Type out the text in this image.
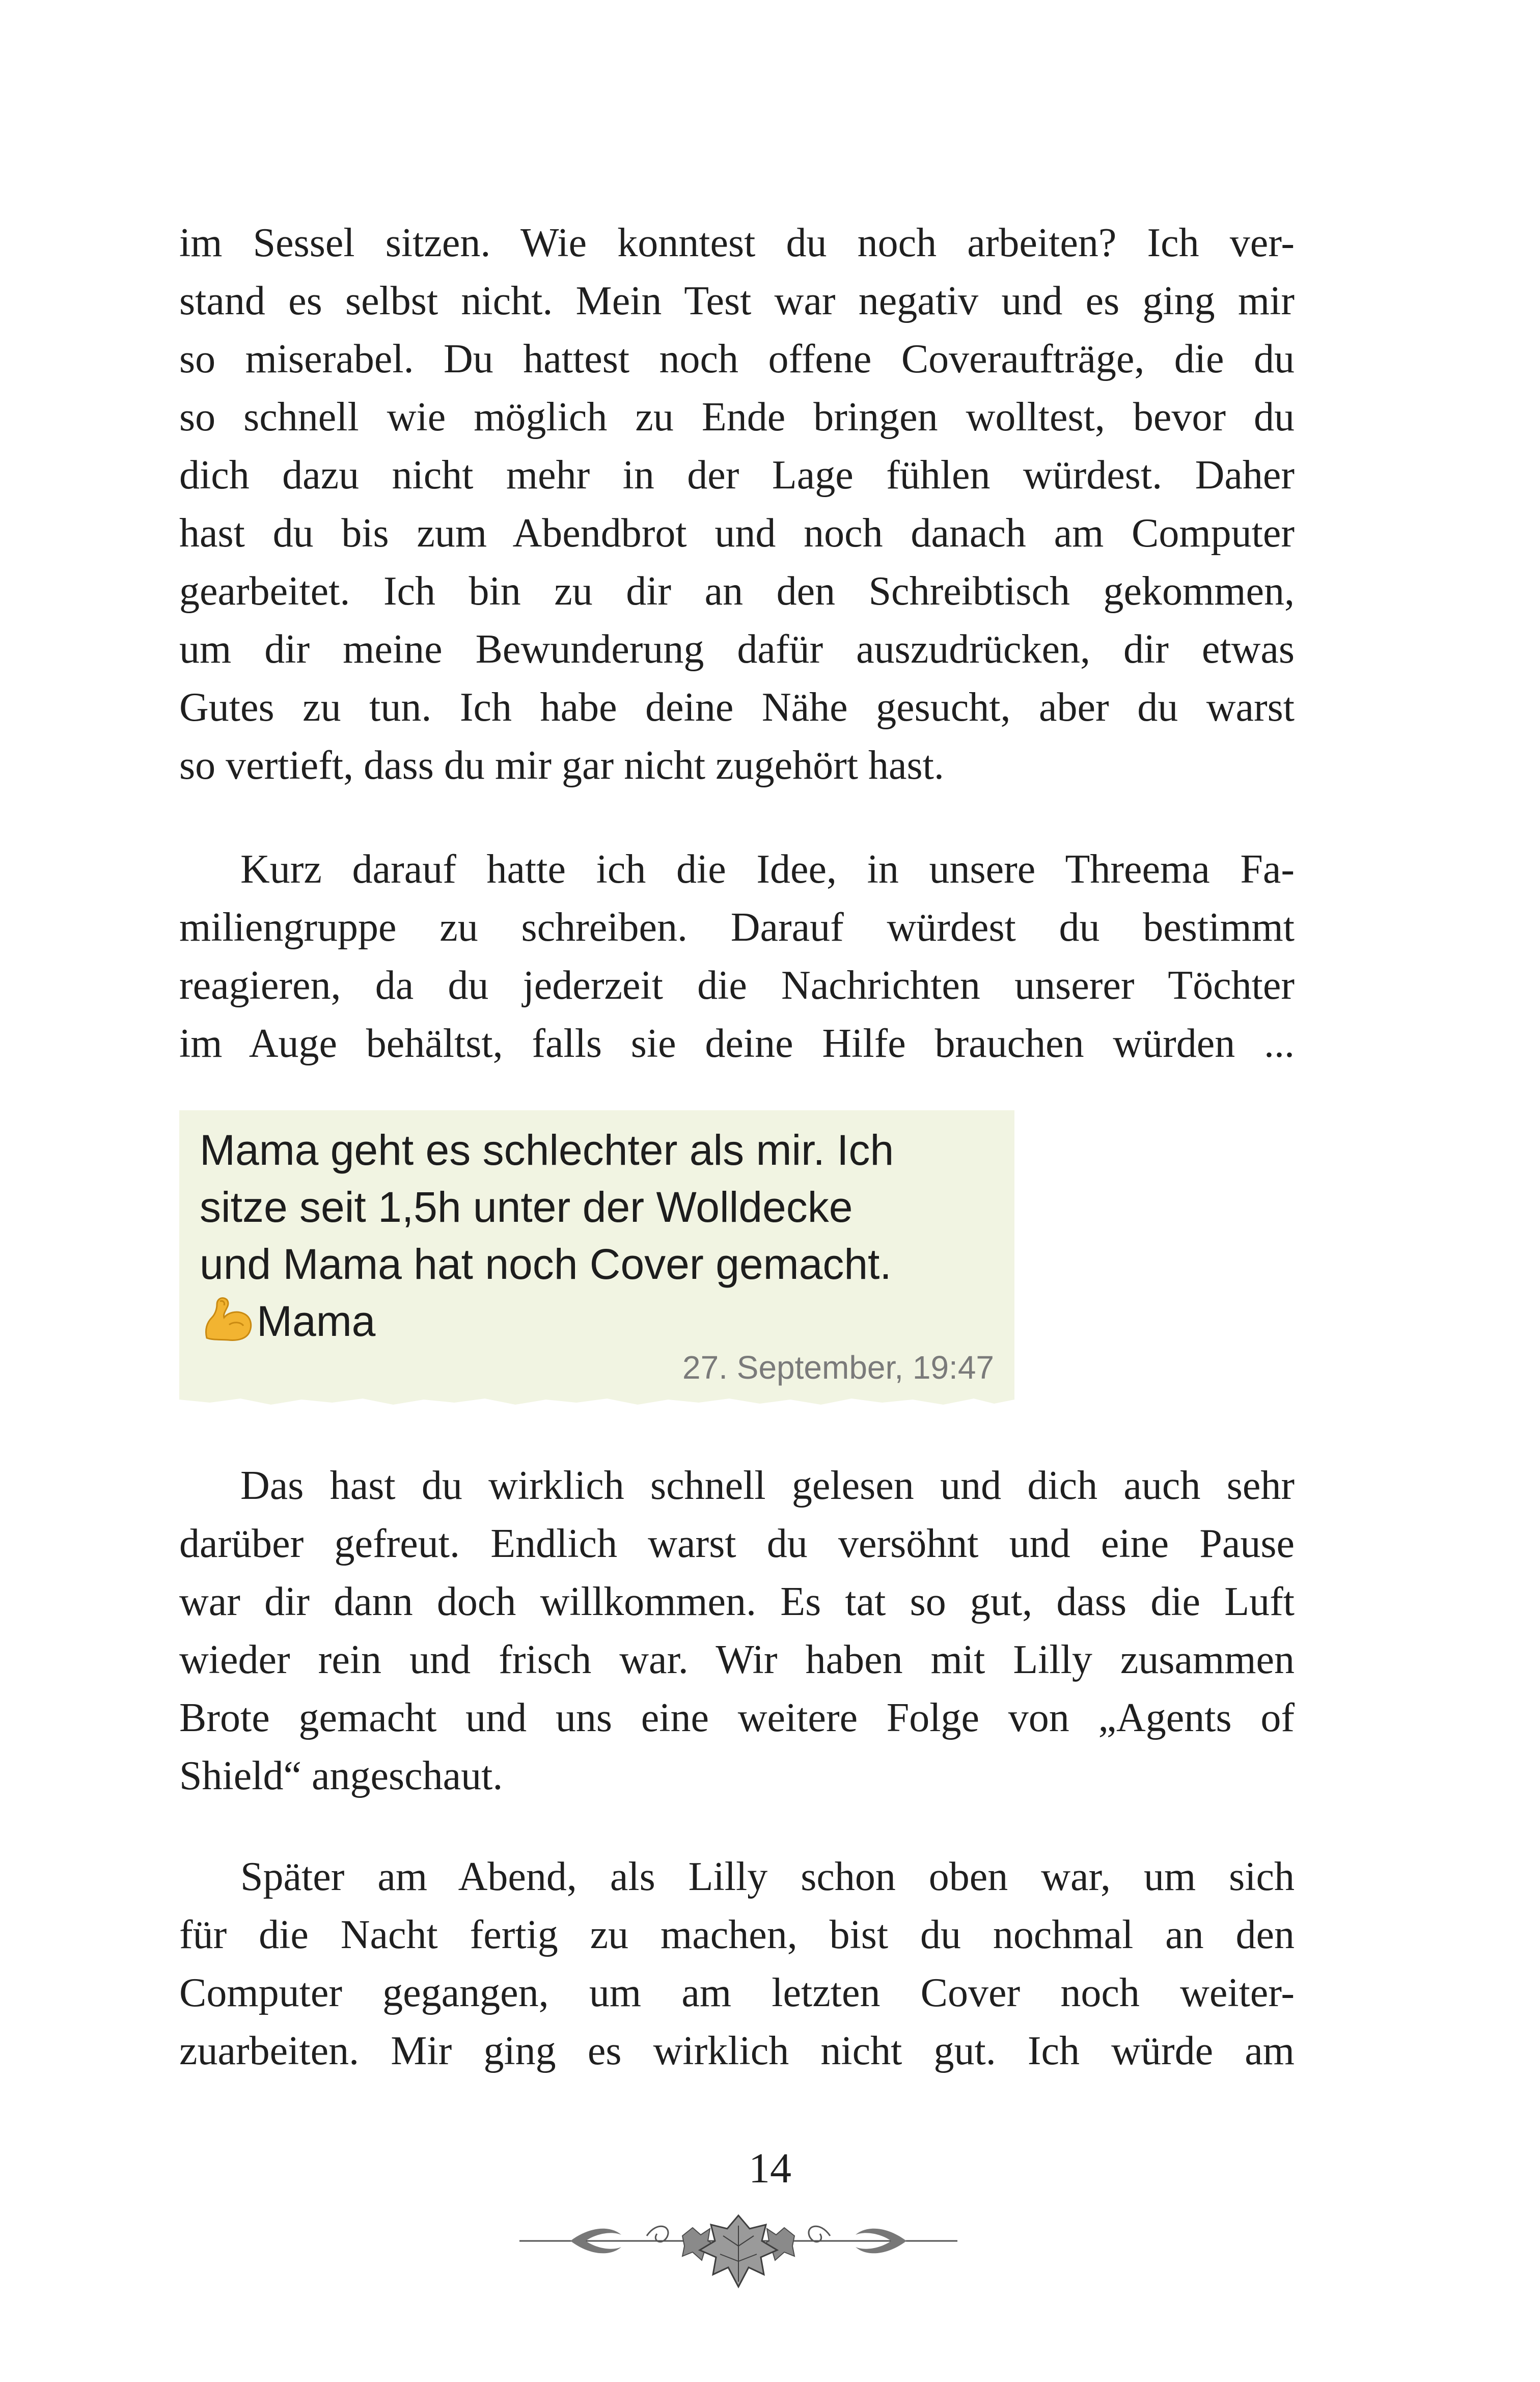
im Sessel sitzen. Wie konntest du noch arbeiten? Ich ver-
stand es selbst nicht. Mein Test war negativ und es ging mir
so miserabel. Du hattest noch offene Coveraufträge, die du
so schnell wie möglich zu Ende bringen wolltest, bevor du
dich dazu nicht mehr in der Lage fühlen würdest. Daher
hast du bis zum Abendbrot und noch danach am Computer
gearbeitet. Ich bin zu dir an den Schreibtisch gekommen,
um dir meine Bewunderung dafür auszudrücken, dir etwas
Gutes zu tun. Ich habe deine Nähe gesucht, aber du warst
so vertieft, dass du mir gar nicht zugehört hast.
Kurz darauf hatte ich die Idee, in unsere Threema Fa-
miliengruppe zu schreiben. Darauf würdest du bestimmt
reagieren, da du jederzeit die Nachrichten unserer Töchter
im Auge behältst, falls sie deine Hilfe brauchen würden ...
Mama geht es schlechter als mir. Ich
sitze seit 1,5h unter der Wolldecke
und Mama hat noch Cover gemacht.
Mama
27. September, 19:47
Das hast du wirklich schnell gelesen und dich auch sehr
darüber gefreut. Endlich warst du versöhnt und eine Pause
war dir dann doch willkommen. Es tat so gut, dass die Luft
wieder rein und frisch war. Wir haben mit Lilly zusammen
Brote gemacht und uns eine weitere Folge von „Agents of
Shield“ angeschaut.
Später am Abend, als Lilly schon oben war, um sich
für die Nacht fertig zu machen, bist du nochmal an den
Computer gegangen, um am letzten Cover noch weiter-
zuarbeiten. Mir ging es wirklich nicht gut. Ich würde am
14
